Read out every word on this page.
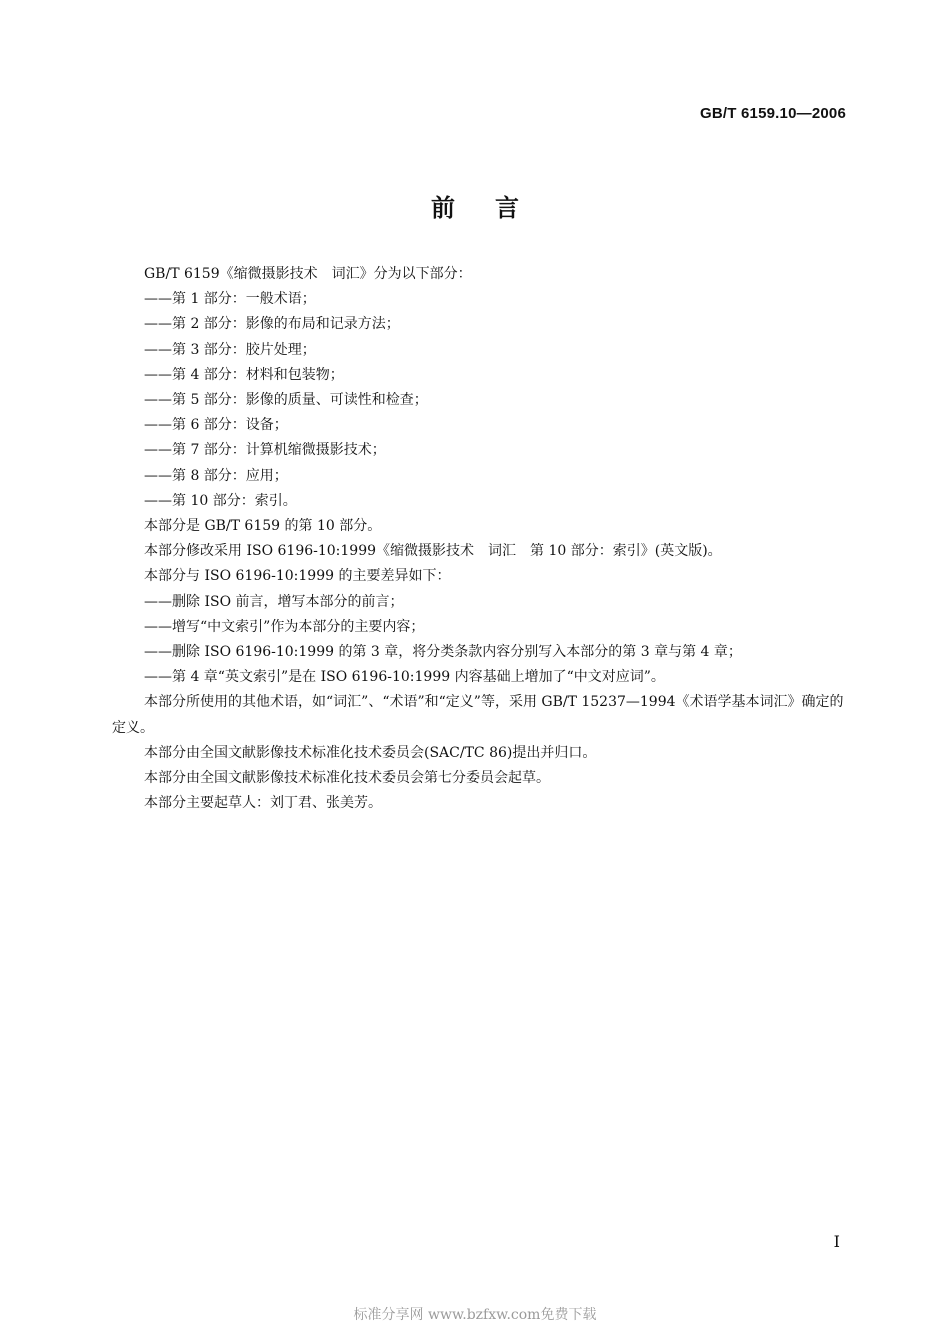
GB/T 6159.10—2006
前言

GB/T 6159《缩微摄影技术　词汇》分为以下部分：

——第 1 部分：一般术语；

——第 2 部分：影像的布局和记录方法；

——第 3 部分：胶片处理；

——第 4 部分：材料和包装物；

——第 5 部分：影像的质量、可读性和检查；

——第 6 部分：设备；

——第 7 部分：计算机缩微摄影技术；

——第 8 部分：应用；

——第 10 部分：索引。

本部分是 GB/T 6159 的第 10 部分。

本部分修改采用 ISO 6196-10:1999《缩微摄影技术　词汇　第 10 部分：索引》(英文版)。

本部分与 ISO 6196-10:1999 的主要差异如下：

——删除 ISO 前言，增写本部分的前言；

——增写“中文索引”作为本部分的主要内容；

——删除 ISO 6196-10:1999 的第 3 章，将分类条款内容分别写入本部分的第 3 章与第 4 章；

——第 4 章“英文索引”是在 ISO 6196-10:1999 内容基础上增加了“中文对应词”。

本部分所使用的其他术语，如“词汇”、“术语”和“定义”等，采用 GB/T 15237—1994《术语学基本词汇》确定的定义。

本部分由全国文献影像技术标准化技术委员会(SAC/TC 86)提出并归口。

本部分由全国文献影像技术标准化技术委员会第七分委员会起草。

本部分主要起草人：刘丁君、张美芳。

I
标准分享网 www.bzfxw.com免费下载
